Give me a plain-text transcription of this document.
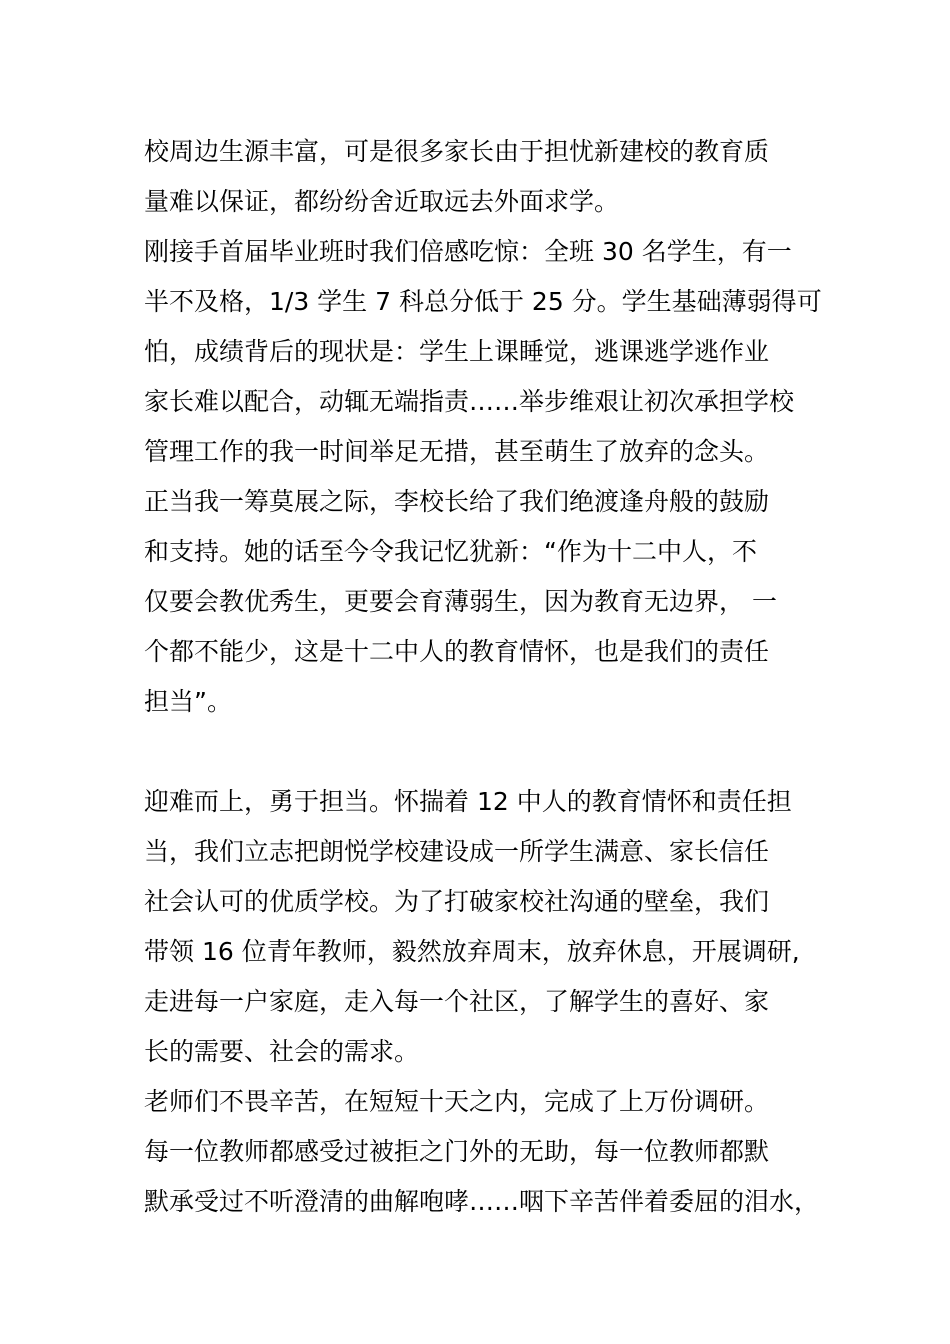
校周边生源丰富，可是很多家长由于担忧新建校的教育质
量难以保证，都纷纷舍近取远去外面求学。
刚接手首届毕业班时我们倍感吃惊：全班 30 名学生，有一
半不及格，1/3 学生 7 科总分低于 25 分。学生基础薄弱得可
怕，成绩背后的现状是：学生上课睡觉，逃课逃学逃作业
家长难以配合，动辄无端指责……举步维艰让初次承担学校
管理工作的我一时间举足无措，甚至萌生了放弃的念头。
正当我一筹莫展之际，李校长给了我们绝渡逢舟般的鼓励
和支持。她的话至今令我记忆犹新：“作为十二中人，不
仅要会教优秀生，更要会育薄弱生，因为教育无边界， 一
个都不能少，这是十二中人的教育情怀，也是我们的责任
担当”。
迎难而上，勇于担当。怀揣着 12 中人的教育情怀和责任担
当，我们立志把朗悦学校建设成一所学生满意、家长信任
社会认可的优质学校。为了打破家校社沟通的壁垒，我们
带领 16 位青年教师，毅然放弃周末，放弃休息，开展调研,
走进每一户家庭，走入每一个社区，了解学生的喜好、家
长的需要、社会的需求。
老师们不畏辛苦，在短短十天之内，完成了上万份调研。
每一位教师都感受过被拒之门外的无助，每一位教师都默
默承受过不听澄清的曲解咆哮……咽下辛苦伴着委屈的泪水，
